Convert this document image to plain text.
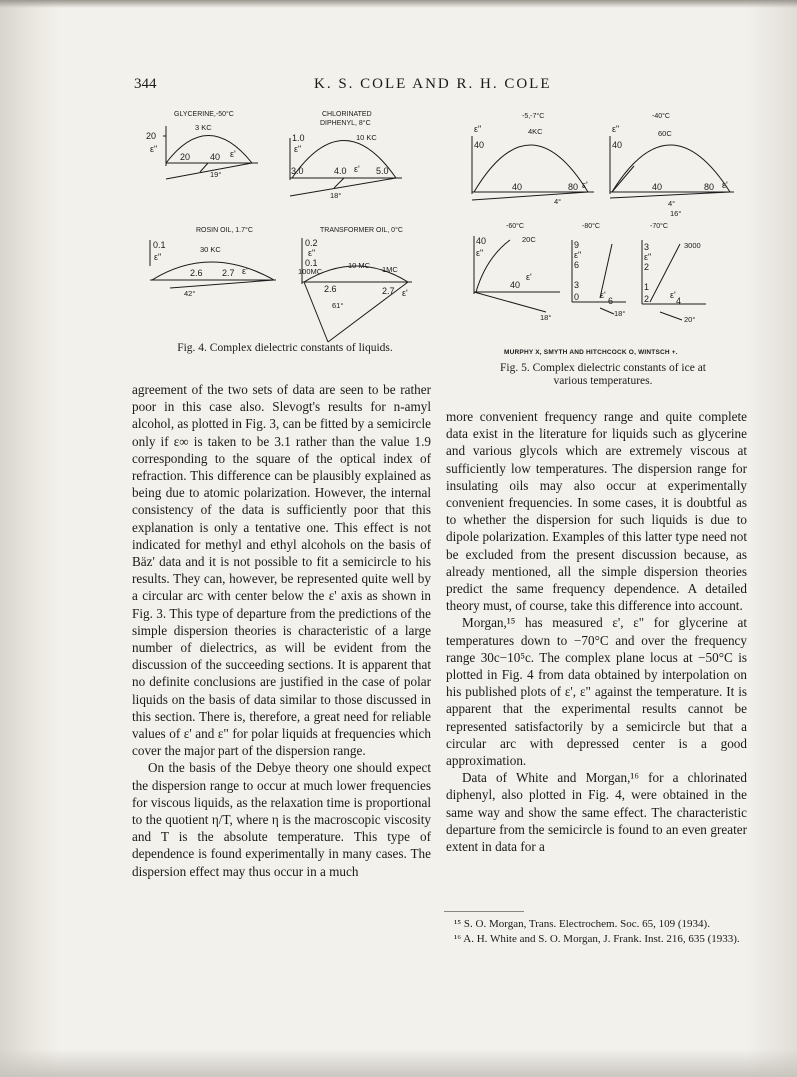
344	K. S. COLE AND R. H. COLE
GLYCERINE,-50°C
3 KC
20
ε"
20 40 ε'
19°
CHLORINATED
DIPHENYL, 8°C
10 KC
1.0
ε"
3.0	4.0 ε' 5.0
18°
ROSIN OIL, 1.7°C
0.1
ε"
30 KC
2.6 2.7 ε'
42°
TRANSFORMER OIL, 0°C
0.2
ε"
0.1
100MC
10 MC 1MC
2.6	2.7 ε'
61°
Fig. 4. Complex dielectric constants of liquids.
-5,-7°C
4KC
ε"
40
40	80 ε'
4°
-40°C
60C
ε"
40
40	80 ε'
4°
16°
-60°C
20C
40
ε"
40
ε'
18°
-80°C
9
ε"
6
3
0 ε'
6
18°
-70°C
3000
3
ε"
2
1
2 ε'
4
20°
MURPHY X, SMYTH AND HITCHCOCK O, WINTSCH +.
Fig. 5. Complex dielectric constants of ice at
various temperatures.

agreement of the two sets of data are seen to be rather poor in this case also. Slevogt's results for n-amyl alcohol, as plotted in Fig. 3, can be fitted by a semicircle only if ε∞ is taken to be 3.1 rather than the value 1.9 corresponding to the square of the optical index of refraction. This difference can be plausibly explained as being due to atomic polarization. However, the internal consistency of the data is sufficiently poor that this explanation is only a tentative one. This effect is not indicated for methyl and ethyl alcohols on the basis of Bäz' data and it is not possible to fit a semicircle to his results. They can, however, be represented quite well by a circular arc with center below the ε' axis as shown in Fig. 3. This type of departure from the predictions of the simple dispersion theories is characteristic of a large number of dielectrics, as will be evident from the discussion of the succeeding sections. It is apparent that no definite conclusions are justified in the case of polar liquids on the basis of data similar to those discussed in this section. There is, therefore, a great need for reliable values of ε' and ε" for polar liquids at frequencies which cover the major part of the dispersion range.

On the basis of the Debye theory one should expect the dispersion range to occur at much lower frequencies for viscous liquids, as the relaxation time is proportional to the quotient η/T, where η is the macroscopic viscosity and T is the absolute temperature. This type of dependence is found experimentally in many cases. The dispersion effect may thus occur in a much

more convenient frequency range and quite complete data exist in the literature for liquids such as glycerine and various glycols which are extremely viscous at sufficiently low temperatures. The dispersion range for insulating oils may also occur at experimentally convenient frequencies. In some cases, it is doubtful as to whether the dispersion for such liquids is due to dipole polarization. Examples of this latter type need not be excluded from the present discussion because, as already mentioned, all the simple dispersion theories predict the same frequency dependence. A detailed theory must, of course, take this difference into account.

Morgan,¹⁵ has measured ε', ε" for glycerine at temperatures down to −70°C and over the frequency range 30c−10⁵c. The complex plane locus at −50°C is plotted in Fig. 4 from data obtained by interpolation on his published plots of ε', ε" against the temperature. It is apparent that the experimental results cannot be represented satisfactorily by a semicircle but that a circular arc with depressed center is a good approximation.

Data of White and Morgan,¹⁶ for a chlorinated diphenyl, also plotted in Fig. 4, were obtained in the same way and show the same effect. The characteristic departure from the semicircle is found to an even greater extent in data for a

¹⁵ S. O. Morgan, Trans. Electrochem. Soc. 65, 109 (1934).

¹⁶ A. H. White and S. O. Morgan, J. Frank. Inst. 216, 635 (1933).
